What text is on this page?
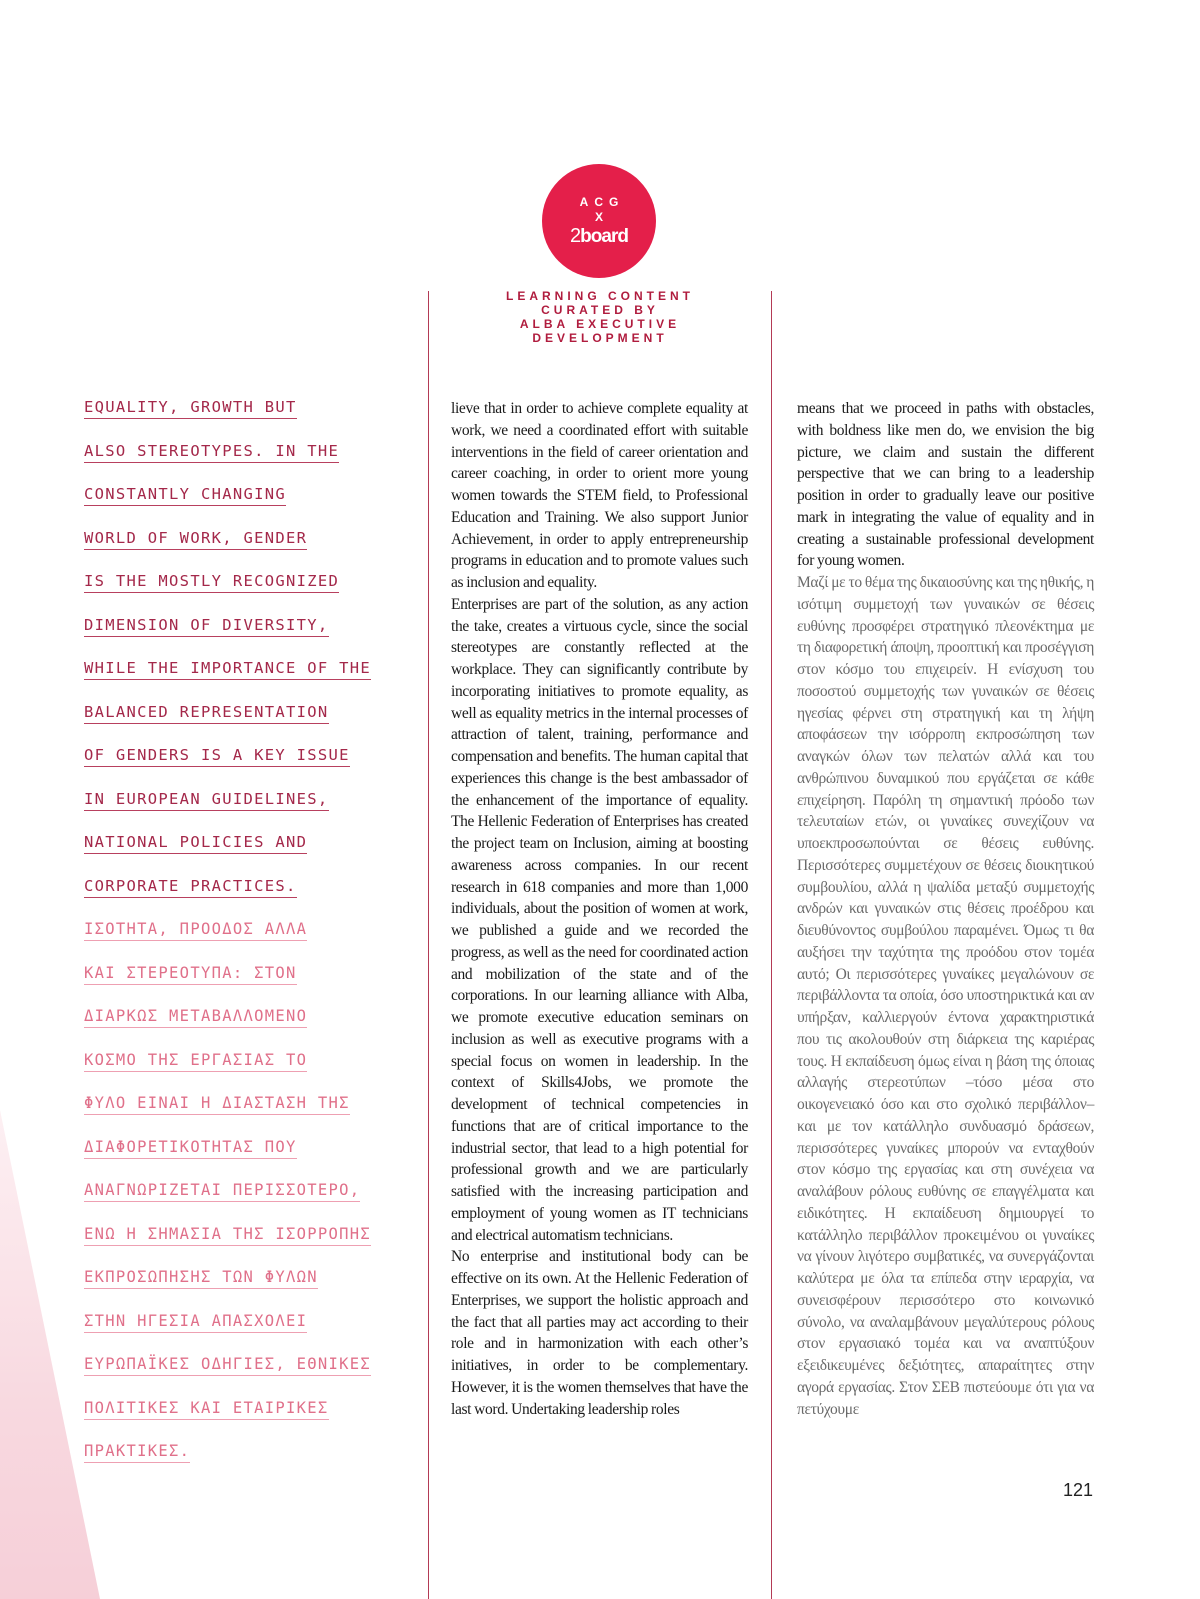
ACG
X
2board
LEARNING CONTENT
CURATED BY
ALBA EXECUTIVE
DEVELOPMENT
EQUALITY, GROWTH BUT
ALSO STEREOTYPES. IN THE
CONSTANTLY CHANGING
WORLD OF WORK, GENDER
IS THE MOSTLY RECOGNIZED
DIMENSION OF DIVERSITY,
WHILE THE IMPORTANCE OF THE
BALANCED REPRESENTATION
OF GENDERS IS A KEY ISSUE
IN EUROPEAN GUIDELINES,
NATIONAL POLICIES AND
CORPORATE PRACTICES.
ΙΣΟΤΗΤΑ, ΠΡΟΟΔΟΣ ΑΛΛΑ
ΚΑΙ ΣΤΕΡΕΟΤΥΠΑ: ΣΤΟΝ
ΔΙΑΡΚΩΣ ΜΕΤΑΒΑΛΛΟΜΕΝΟ
ΚΟΣΜΟ ΤΗΣ ΕΡΓΑΣΙΑΣ ΤΟ
ΦΥΛΟ ΕΙΝΑΙ Η ΔΙΑΣΤΑΣΗ ΤΗΣ
ΔΙΑΦΟΡΕΤΙΚΟΤΗΤΑΣ ΠΟΥ
ΑΝΑΓΝΩΡΙΖΕΤΑΙ ΠΕΡΙΣΣΟΤΕΡΟ,
ΕΝΩ Η ΣΗΜΑΣΙΑ ΤΗΣ ΙΣΟΡΡΟΠΗΣ
ΕΚΠΡΟΣΩΠΗΣΗΣ ΤΩΝ ΦΥΛΩΝ
ΣΤΗΝ ΗΓΕΣΙΑ ΑΠΑΣΧΟΛΕΙ
ΕΥΡΩΠΑΪΚΕΣ ΟΔΗΓΙΕΣ, ΕΘΝΙΚΕΣ
ΠΟΛΙΤΙΚΕΣ ΚΑΙ ΕΤΑΙΡΙΚΕΣ
ΠΡΑΚΤΙΚΕΣ.

lieve that in order to achieve complete equality at work, we need a coordinated effort with suitable interventions in the field of career orientation and career coaching, in order to orient more young women towards the STEM field, to Professional Education and Training. We also support Junior Achievement, in order to apply entrepreneurship programs in education and to promote values such as inclusion and equality.

Enterprises are part of the solution, as any action the take, creates a virtuous cycle, since the social stereotypes are constantly reflected at the workplace. They can significantly contribute by incorporating initiatives to promote equality, as well as equality metrics in the internal processes of attraction of talent, training, performance and compensation and benefits. The human capital that experiences this change is the best ambassador of the enhancement of the importance of equality. The Hellenic Federation of Enterprises has created the project team on Inclusion, aiming at boosting awareness across companies. In our recent research in 618 companies and more than 1,000 individuals, about the position of women at work, we published a guide and we recorded the progress, as well as the need for coordinated action and mobilization of the state and of the corporations. In our learning alliance with Alba, we promote executive education seminars on inclusion as well as executive programs with a special focus on women in leadership. In the context of Skills4Jobs, we promote the development of technical competencies in functions that are of critical importance to the industrial sector, that lead to a high potential for professional growth and we are particularly satisfied with the increasing participation and employment of young women as IT technicians and electrical automatism technicians.

No enterprise and institutional body can be effective on its own. At the Hellenic Federation of Enterprises, we support the holistic approach and the fact that all parties may act according to their role and in harmonization with each other’s initiatives, in order to be complementary. However, it is the women themselves that have the last word. Undertaking leadership roles

means that we proceed in paths with obstacles, with boldness like men do, we envision the big picture, we claim and sustain the different perspective that we can bring to a leadership position in order to gradually leave our positive mark in integrating the value of equality and in creating a sustainable professional development for young women.

Μαζί με το θέμα της δικαιοσύνης και της ηθικής, η ισότιμη συμμετοχή των γυναικών σε θέσεις ευθύνης προσφέρει στρατηγικό πλεονέκτημα με τη διαφορετική άποψη, προοπτική και προσέγγιση στον κόσμο του επιχειρείν. Η ενίσχυση του ποσοστού συμμετοχής των γυναικών σε θέσεις ηγεσίας φέρνει στη στρατηγική και τη λήψη αποφάσεων την ισόρροπη εκπροσώπηση των αναγκών όλων των πελατών αλλά και του ανθρώπινου δυναμικού που εργάζεται σε κάθε επιχείρηση. Παρόλη τη σημαντική πρόοδο των τελευταίων ετών, οι γυναίκες συνεχίζουν να υποεκπροσωπούνται σε θέσεις ευθύνης. Περισσότερες συμμετέχουν σε θέσεις διοικητικού συμβουλίου, αλλά η ψαλίδα μεταξύ συμμετοχής ανδρών και γυναικών στις θέσεις προέδρου και διευθύνοντος συμβούλου παραμένει. Όμως τι θα αυξήσει την ταχύτητα της προόδου στον τομέα αυτό; Οι περισσότερες γυναίκες μεγαλώνουν σε περιβάλλοντα τα οποία, όσο υποστηρικτικά και αν υπήρξαν, καλλιεργούν έντονα χαρακτηριστικά που τις ακολουθούν στη διάρκεια της καριέρας τους. Η εκπαίδευση όμως είναι η βάση της όποιας αλλαγής στερεοτύπων –τόσο μέσα στο οικογενειακό όσο και στο σχολικό περιβάλλον– και με τον κατάλληλο συνδυασμό δράσεων, περισσότερες γυναίκες μπορούν να ενταχθούν στον κόσμο της εργασίας και στη συνέχεια να αναλάβουν ρόλους ευθύνης σε επαγγέλματα και ειδικότητες. Η εκπαίδευση δημιουργεί το κατάλληλο περιβάλλον προκειμένου οι γυναίκες να γίνουν λιγότερο συμβατικές, να συνεργάζονται καλύτερα με όλα τα επίπεδα στην ιεραρχία, να συνεισφέρουν περισσότερο στο κοινωνικό σύνολο, να αναλαμβάνουν μεγαλύτερους ρόλους στον εργασιακό τομέα και να αναπτύξουν εξειδικευμένες δεξιότητες, απαραίτητες στην αγορά εργασίας. Στον ΣΕΒ πιστεύουμε ότι για να πετύχουμε

121
